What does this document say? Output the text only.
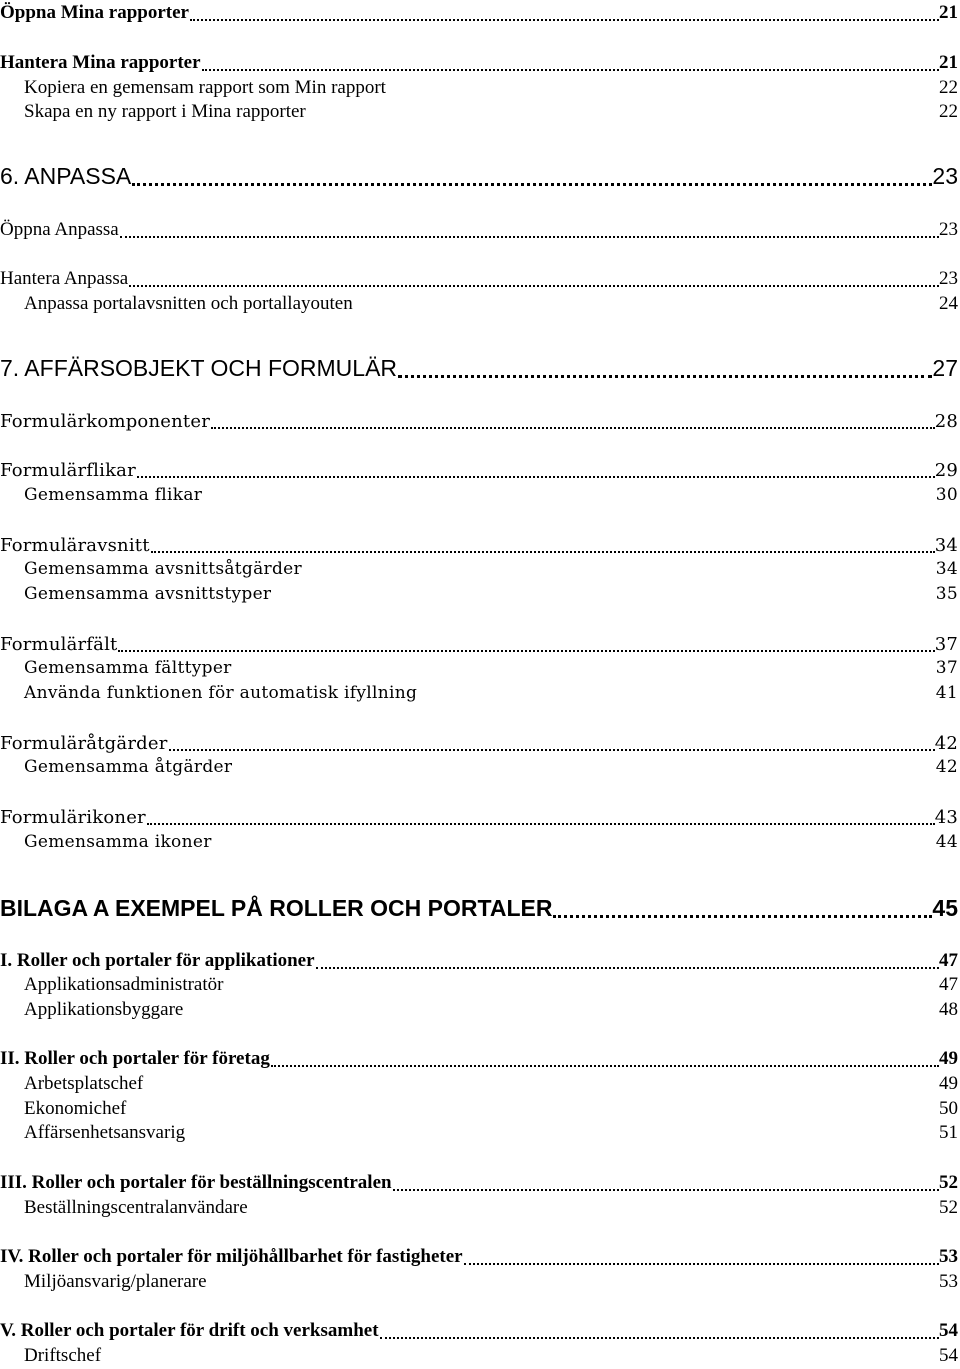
Öppna Mina rapporter	21
Hantera Mina rapporter	21
Kopiera en gemensam rapport som Min rapport	22
Skapa en ny rapport i Mina rapporter	22
6. ANPASSA	23
Öppna Anpassa	23
Hantera Anpassa	23
Anpassa portalavsnitten och portallayouten	24
7. AFFÄRSOBJEKT OCH FORMULÄR	27
Formulärkomponenter	28
Formulärflikar	29
Gemensamma flikar	30
Formuläravsnitt	34
Gemensamma avsnittsåtgärder	34
Gemensamma avsnittstyper	35
Formulärfält	37
Gemensamma fälttyper	37
Använda funktionen för automatisk ifyllning	41
Formuläråtgärder	42
Gemensamma åtgärder	42
Formulärikoner	43
Gemensamma ikoner	44
BILAGA A EXEMPEL PÅ ROLLER OCH PORTALER	45
I. Roller och portaler för applikationer	47
Applikationsadministratör	47
Applikationsbyggare	48
II. Roller och portaler för företag	49
Arbetsplatschef	49
Ekonomichef	50
Affärsenhetsansvarig	51
III. Roller och portaler för beställningscentralen	52
Beställningscentralanvändare	52
IV. Roller och portaler för miljöhållbarhet för fastigheter	53
Miljöansvarig/planerare	53
V. Roller och portaler för drift och verksamhet	54
Driftschef	54
